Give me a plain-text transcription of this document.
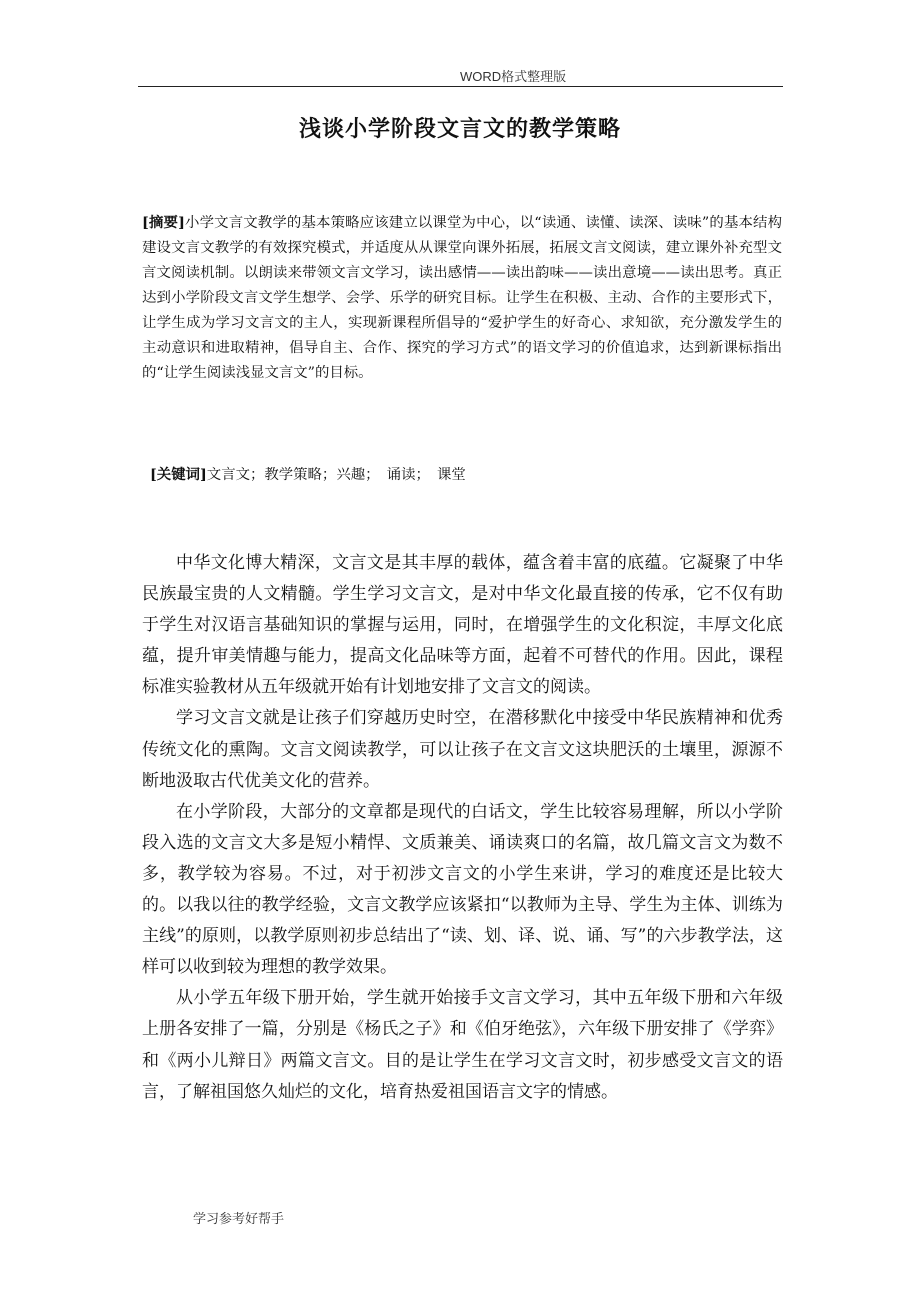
WORD格式整理版
浅谈小学阶段文言文的教学策略
[摘要]小学文言文教学的基本策略应该建立以课堂为中心，以“读通、读懂、读深、读味”的基本结构建设文言文教学的有效探究模式，并适度从从课堂向课外拓展，拓展文言文阅读，建立课外补充型文言文阅读机制。以朗读来带领文言文学习，读出感情——读出韵味——读出意境——读出思考。真正达到小学阶段文言文学生想学、会学、乐学的研究目标。让学生在积极、主动、合作的主要形式下，让学生成为学习文言文的主人，实现新课程所倡导的“爱护学生的好奇心、求知欲，充分激发学生的主动意识和进取精神，倡导自主、合作、探究的学习方式”的语文学习的价值追求，达到新课标指出的“让学生阅读浅显文言文”的目标。
[关键词]文言文；教学策略；兴趣；　诵读；　课堂

中华文化博大精深，文言文是其丰厚的载体，蕴含着丰富的底蕴。它凝聚了中华民族最宝贵的人文精髓。学生学习文言文，是对中华文化最直接的传承，它不仅有助于学生对汉语言基础知识的掌握与运用，同时，在增强学生的文化积淀，丰厚文化底蕴，提升审美情趣与能力，提高文化品味等方面，起着不可替代的作用。因此，课程标准实验教材从五年级就开始有计划地安排了文言文的阅读。

学习文言文就是让孩子们穿越历史时空，在潜移默化中接受中华民族精神和优秀传统文化的熏陶。文言文阅读教学，可以让孩子在文言文这块肥沃的土壤里，源源不断地汲取古代优美文化的营养。

在小学阶段，大部分的文章都是现代的白话文，学生比较容易理解，所以小学阶段入选的文言文大多是短小精悍、文质兼美、诵读爽口的名篇，故几篇文言文为数不多，教学较为容易。不过，对于初涉文言文的小学生来讲，学习的难度还是比较大的。以我以往的教学经验，文言文教学应该紧扣“以教师为主导、学生为主体、训练为主线”的原则，以教学原则初步总结出了“读、划、译、说、诵、写”的六步教学法，这样可以收到较为理想的教学效果。

从小学五年级下册开始，学生就开始接手文言文学习，其中五年级下册和六年级上册各安排了一篇，分别是《杨氏之子》和《伯牙绝弦》，六年级下册安排了《学弈》和《两小儿辩日》两篇文言文。目的是让学生在学习文言文时，初步感受文言文的语言，了解祖国悠久灿烂的文化，培育热爱祖国语言文字的情感。

学习参考好帮手
